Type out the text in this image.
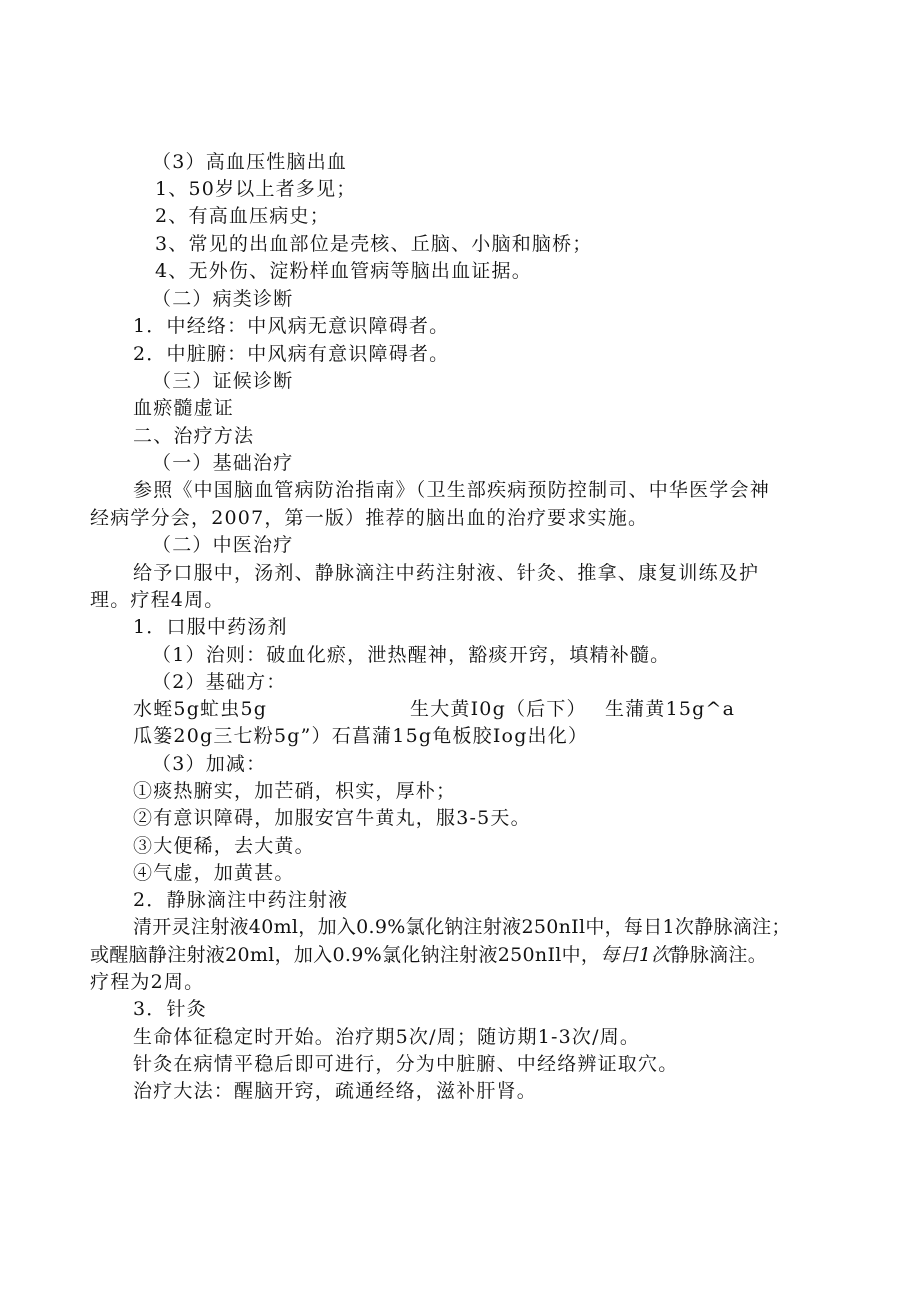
（3）高血压性脑出血
1、50岁以上者多见；
2、有高血压病史；
3、常见的出血部位是壳核、丘脑、小脑和脑桥；
4、无外伤、淀粉样血管病等脑出血证据。
（二）病类诊断
1．中经络：中风病无意识障碍者。
2．中脏腑：中风病有意识障碍者。
（三）证候诊断
血瘀髓虚证
二、治疗方法
（一）基础治疗
参照《中国脑血管病防治指南》（卫生部疾病预防控制司、中华医学会神
经病学分会，2007，第一版）推荐的脑出血的治疗要求实施。
（二）中医治疗
给予口服中，汤剂、静脉滴注中药注射液、针灸、推拿、康复训练及护
理。疗程4周。
1．口服中药汤剂
（1）治则：破血化瘀，泄热醒神，豁痰开窍，填精补髓。
（2）基础方：
水蛭5g虻虫5g	生大黄I0g（后下） 生蒲黄15g^a
瓜篓20g三七粉5g”）石菖蒲15g龟板胶Iog出化）
（3）加减：
①痰热腑实，加芒硝，枳实，厚朴；
②有意识障碍，加服安宫牛黄丸，服3-5天。
③大便稀，去大黄。
④气虚，加黄甚。
2．静脉滴注中药注射液
清开灵注射液40ml，加入0.9%氯化钠注射液250nIl中，每日1次静脉滴注；
或醒脑静注射液20ml，加入0.9%氯化钠注射液250nIl中，每日1次静脉滴注。
疗程为2周。
3．针灸
生命体征稳定时开始。治疗期5次/周；随访期1-3次/周。
针灸在病情平稳后即可进行，分为中脏腑、中经络辨证取穴。
治疗大法：醒脑开窍，疏通经络，滋补肝肾。
